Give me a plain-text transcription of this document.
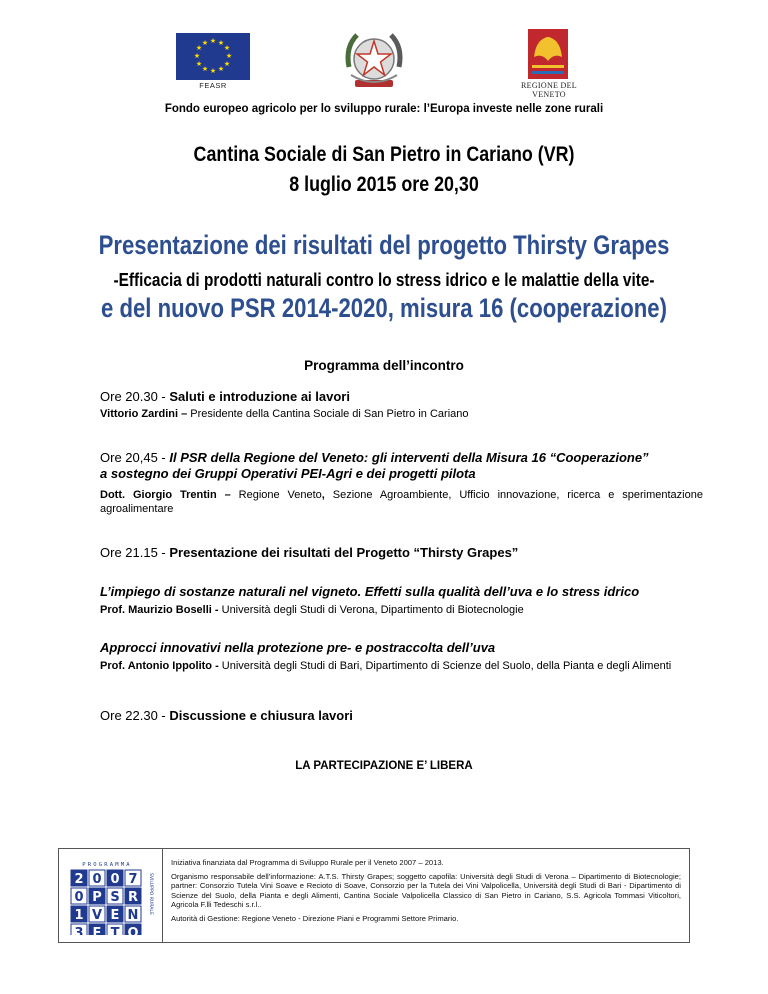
★ ★
★
★
★
★
★
★
★
★
★
★
FEASR	REGIONE DEL VENETO
Fondo europeo agricolo per lo sviluppo rurale: l’Europa investe nelle zone rurali
Cantina Sociale di San Pietro in Cariano (VR)
8 luglio 2015 ore 20,30
Presentazione dei risultati del progetto Thirsty Grapes
-Efficacia di prodotti naturali contro lo stress idrico e le malattie della vite-
e del nuovo PSR 2014-2020, misura 16 (cooperazione)
Programma dell’incontro
Ore 20.30 - Saluti e introduzione ai lavori
Vittorio Zardini – Presidente della Cantina Sociale di San Pietro in Cariano
Ore 20,45 - Il PSR della Regione del Veneto: gli interventi della Misura 16 “Cooperazione”
a sostegno dei Gruppi Operativi PEI-Agri e dei progetti pilota
Dott. Giorgio Trentin – Regione Veneto, Sezione Agroambiente, Ufficio innovazione, ricerca e sperimentazione agroalimentare
Ore 21.15 - Presentazione dei risultati del Progetto “Thirsty Grapes”
L’impiego di sostanze naturali nel vigneto. Effetti sulla qualità dell’uva e lo stress idrico
Prof. Maurizio Boselli - Università degli Studi di Verona, Dipartimento di Biotecnologie
Approcci innovativi nella protezione pre- e postraccolta dell’uva
Prof. Antonio Ippolito - Università degli Studi di Bari, Dipartimento di Scienze del Suolo, della Pianta e degli Alimenti
Ore 22.30 - Discussione e chiusura lavori
LA PARTECIPAZIONE E’ LIBERA
PROGRAMMA
2 0 0 7
0 P S R
1 V E N
3 E T O
SVILUPPO RURALE

Iniziativa finanziata dal Programma di Sviluppo Rurale per il Veneto 2007 – 2013.

Organismo responsabile dell’informazione: A.T.S. Thirsty Grapes; soggetto capofila: Università degli Studi di Verona – Dipartimento di Biotecnologie; partner: Consorzio Tutela Vini Soave e Recioto di Soave, Consorzio per la Tutela dei Vini Valpolicella, Università degli Studi di Bari - Dipartimento di Scienze del Suolo, della Pianta e degli Alimenti, Cantina Sociale Valpolicella Classico di San Pietro in Cariano, S.S. Agricola Tommasi Viticoltori, Agricola F.lli Tedeschi s.r.l..

Autorità di Gestione: Regione Veneto - Direzione Piani e Programmi Settore Primario.
